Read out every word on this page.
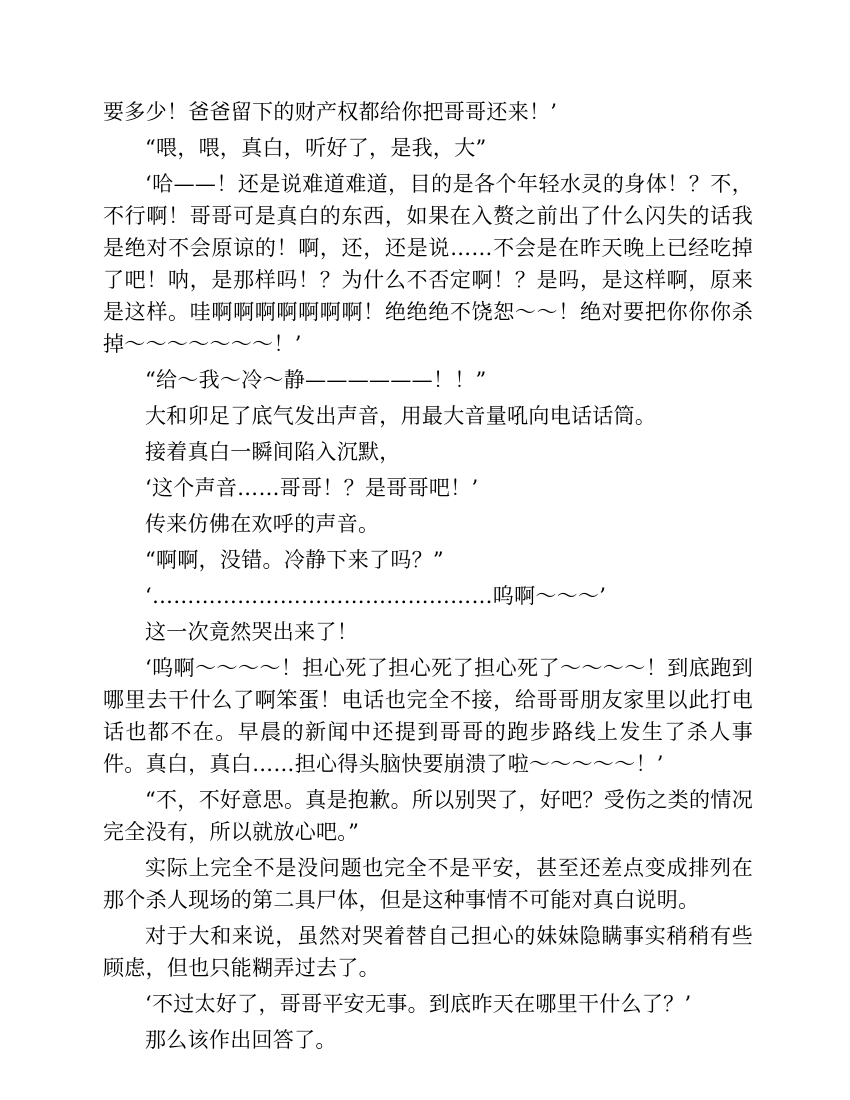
要多少！爸爸留下的财产权都给你把哥哥还来！’

“喂，喂，真白，听好了，是我，大”

‘哈——！还是说难道难道，目的是各个年轻水灵的身体！？不，不行啊！哥哥可是真白的东西，如果在入赘之前出了什么闪失的话我是绝对不会原谅的！啊，还，还是说……不会是在昨天晚上已经吃掉了吧！呐，是那样吗！？为什么不否定啊！？是吗，是这样啊，原来是这样。哇啊啊啊啊啊啊啊！绝绝绝不饶恕～～！绝对要把你你你杀掉～～～～～～～！’

“给～我～冷～静——————！！”

大和卯足了底气发出声音，用最大音量吼向电话话筒。

接着真白一瞬间陷入沉默，

‘这个声音……哥哥！？是哥哥吧！’

传来仿佛在欢呼的声音。

“啊啊，没错。冷静下来了吗？”

‘…………………………………………呜啊～～～’

这一次竟然哭出来了！

‘呜啊～～～～！担心死了担心死了担心死了～～～～！到底跑到哪里去干什么了啊笨蛋！电话也完全不接，给哥哥朋友家里以此打电话也都不在。早晨的新闻中还提到哥哥的跑步路线上发生了杀人事件。真白，真白……担心得头脑快要崩溃了啦～～～～～！’

“不，不好意思。真是抱歉。所以别哭了，好吧？受伤之类的情况完全没有，所以就放心吧。”

实际上完全不是没问题也完全不是平安，甚至还差点变成排列在那个杀人现场的第二具尸体，但是这种事情不可能对真白说明。

对于大和来说，虽然对哭着替自己担心的妹妹隐瞒事实稍稍有些顾虑，但也只能糊弄过去了。

‘不过太好了，哥哥平安无事。到底昨天在哪里干什么了？’

那么该作出回答了。
